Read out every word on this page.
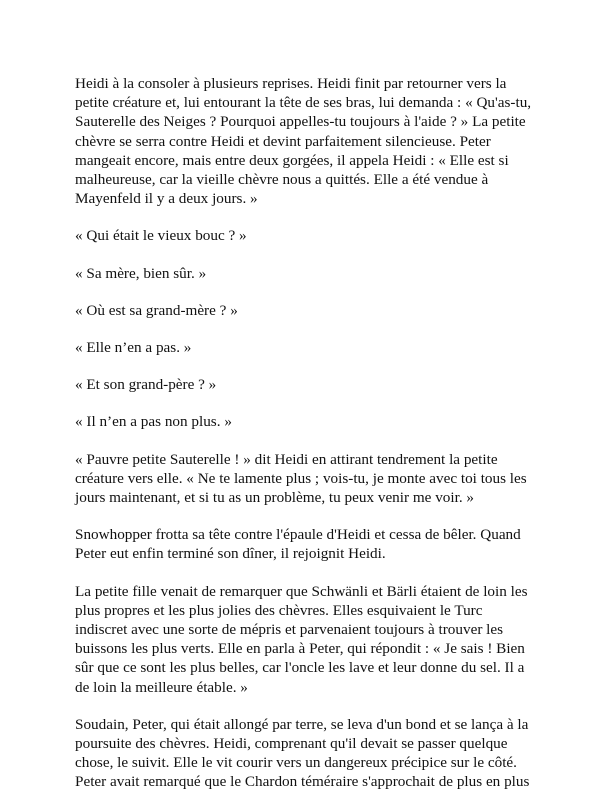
Heidi à la consoler à plusieurs reprises. Heidi finit par retourner vers la petite créature et, lui entourant la tête de ses bras, lui demanda : « Qu'as-tu, Sauterelle des Neiges ? Pourquoi appelles-tu toujours à l'aide ? » La petite chèvre se serra contre Heidi et devint parfaitement silencieuse. Peter mangeait encore, mais entre deux gorgées, il appela Heidi : « Elle est si malheureuse, car la vieille chèvre nous a quittés. Elle a été vendue à Mayenfeld il y a deux jours. »

« Qui était le vieux bouc ? »

« Sa mère, bien sûr. »

« Où est sa grand-mère ? »

« Elle n’en a pas. »

« Et son grand-père ? »

« Il n’en a pas non plus. »

« Pauvre petite Sauterelle ! » dit Heidi en attirant tendrement la petite créature vers elle. « Ne te lamente plus ; vois-tu, je monte avec toi tous les jours maintenant, et si tu as un problème, tu peux venir me voir. »

Snowhopper frotta sa tête contre l'épaule d'Heidi et cessa de bêler. Quand Peter eut enfin terminé son dîner, il rejoignit Heidi.

La petite fille venait de remarquer que Schwänli et Bärli étaient de loin les plus propres et les plus jolies des chèvres. Elles esquivaient le Turc indiscret avec une sorte de mépris et parvenaient toujours à trouver les buissons les plus verts. Elle en parla à Peter, qui répondit : « Je sais ! Bien sûr que ce sont les plus belles, car l'oncle les lave et leur donne du sel. Il a de loin la meilleure étable. »

Soudain, Peter, qui était allongé par terre, se leva d'un bond et se lança à la poursuite des chèvres. Heidi, comprenant qu'il devait se passer quelque chose, le suivit. Elle le vit courir vers un dangereux précipice sur le côté. Peter avait remarqué que le Chardon téméraire s'approchait de plus en plus
